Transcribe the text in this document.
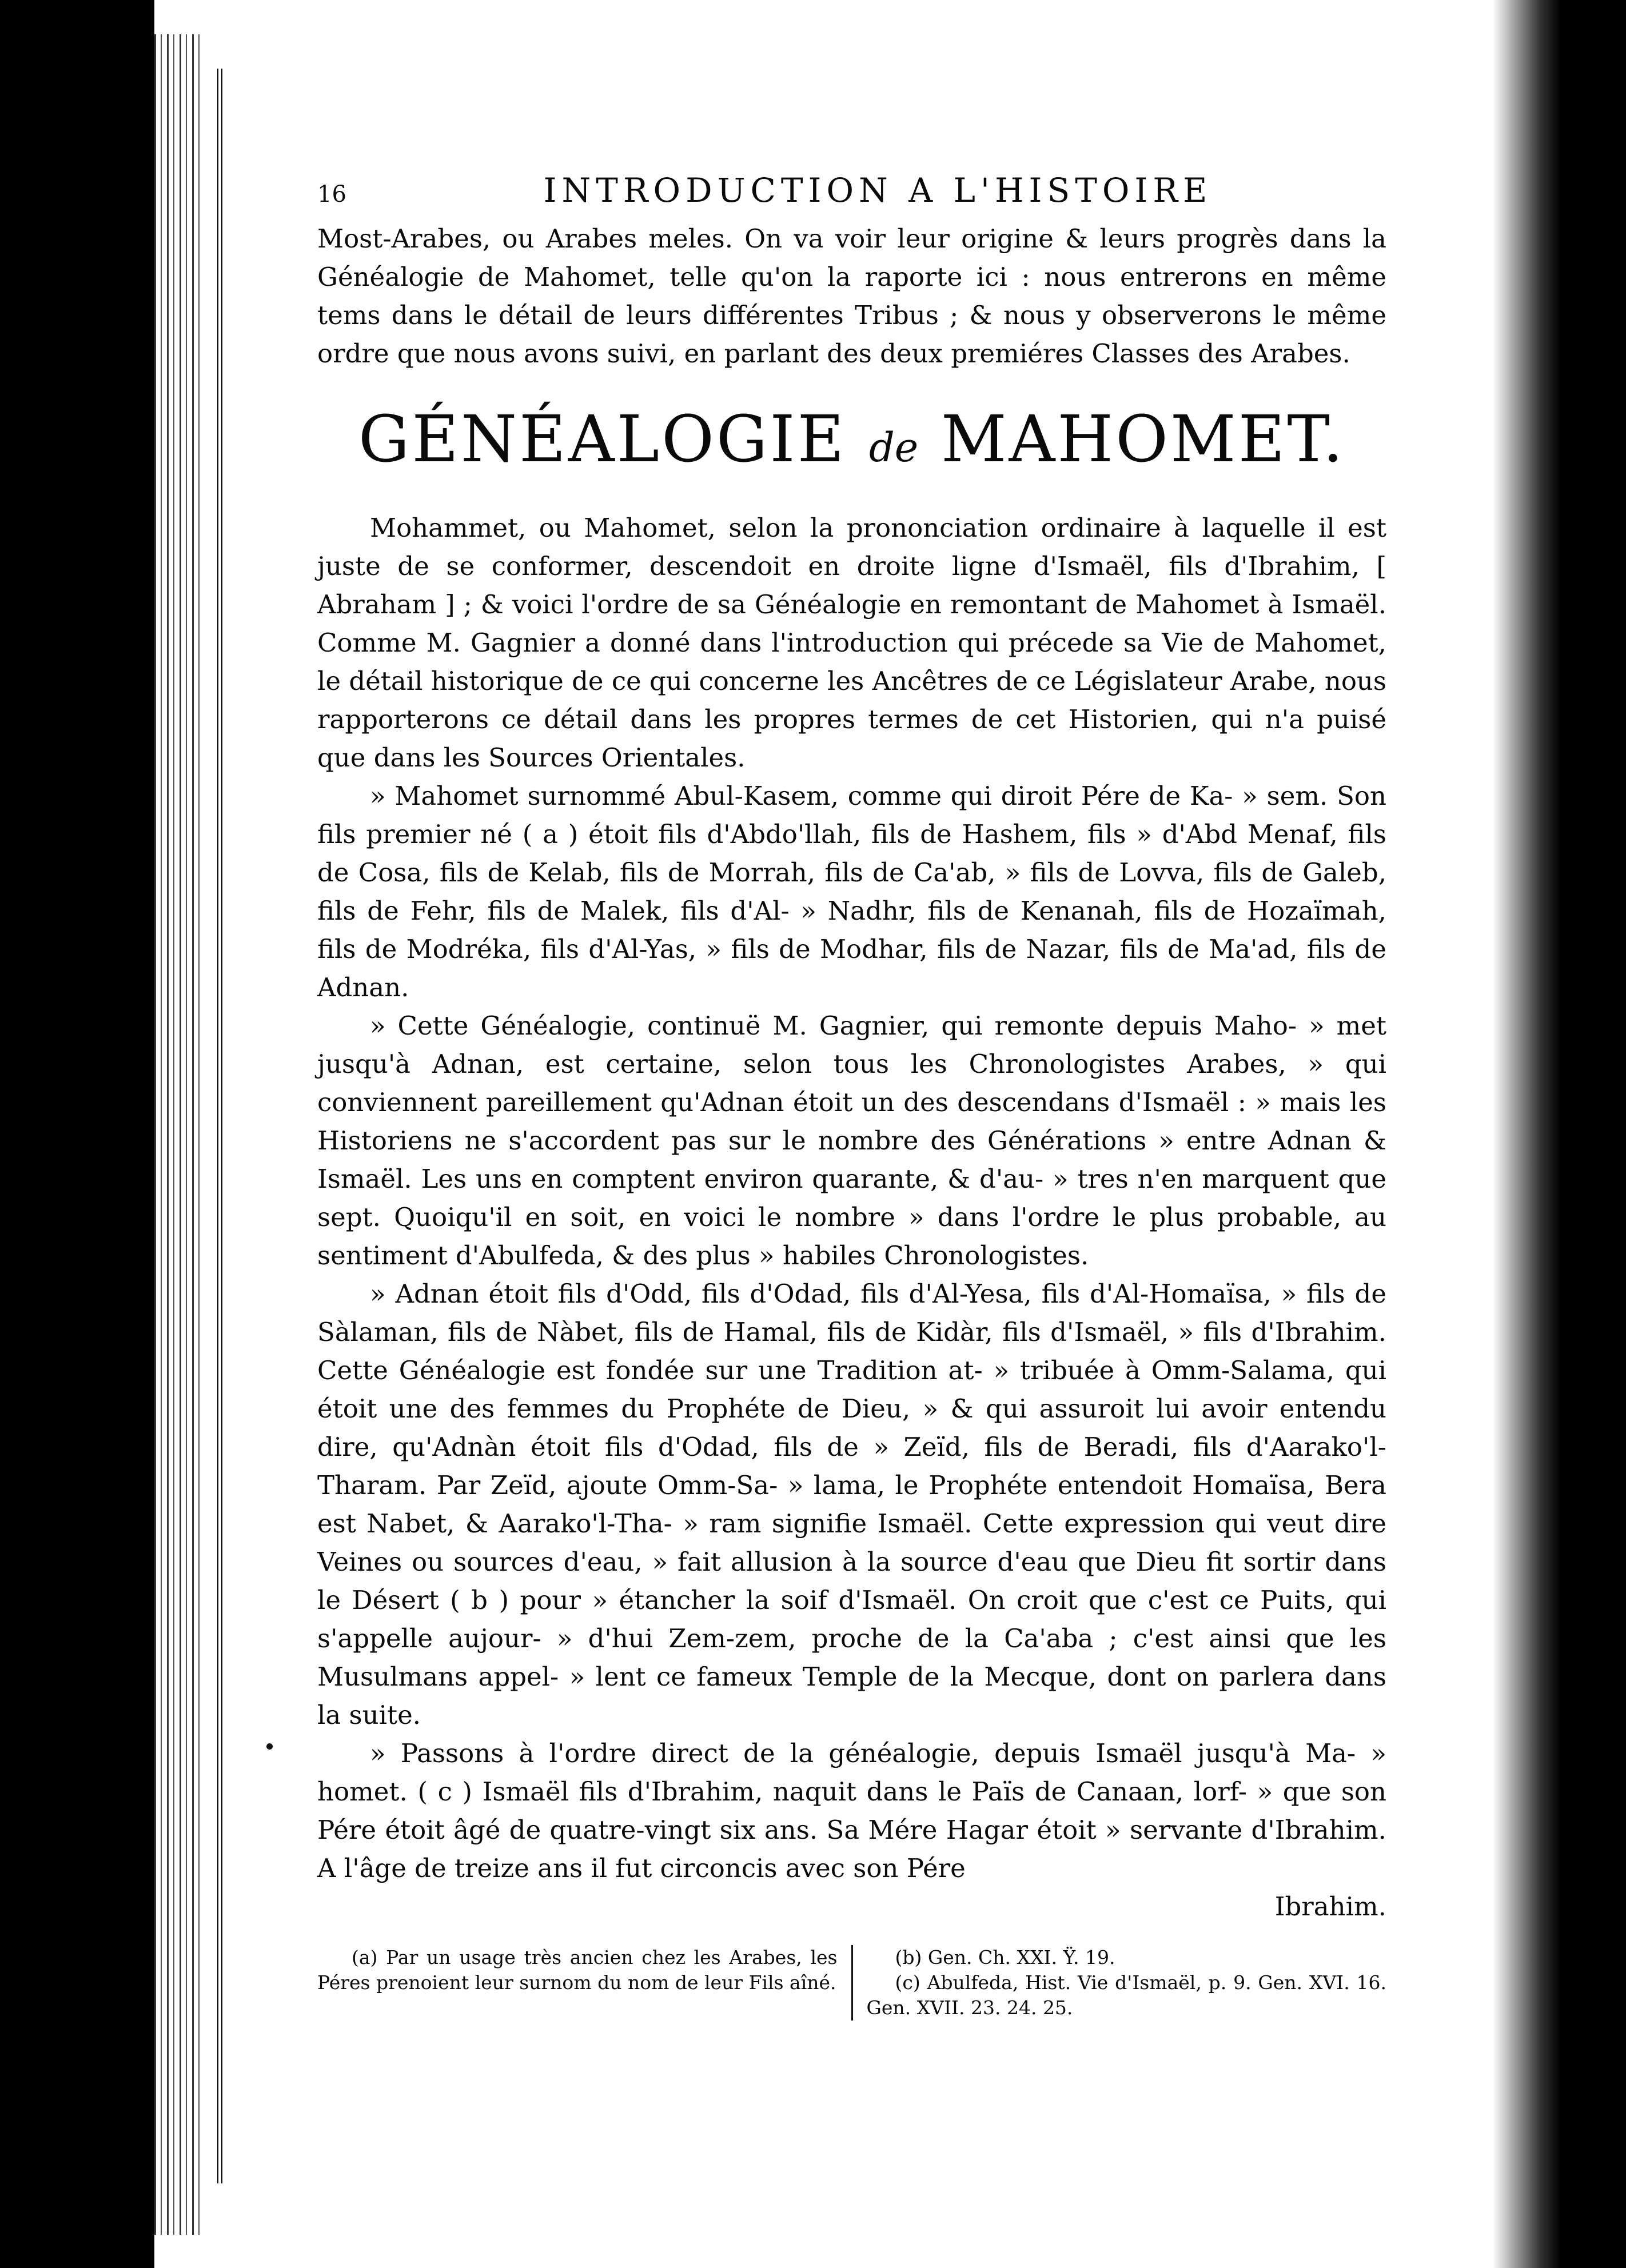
16	INTRODUCTION A L'HISTOIRE

Most-Arabes, ou Arabes meles. On va voir leur origine & leurs progrès dans la Généalogie de Mahomet, telle qu'on la raporte ici : nous entrerons en même tems dans le détail de leurs différentes Tribus ; & nous y observerons le même ordre que nous avons suivi, en parlant des deux premiéres Classes des Arabes.

GÉNÉALOGIE de MAHOMET.

Mohammet, ou Mahomet, selon la prononciation ordinaire à laquelle il est juste de se conformer, descendoit en droite ligne d'Ismaël, fils d'Ibrahim, [ Abraham ] ; & voici l'ordre de sa Généalogie en remontant de Mahomet à Ismaël. Comme M. Gagnier a donné dans l'introduction qui précede sa Vie de Mahomet, le détail historique de ce qui concerne les Ancêtres de ce Législateur Arabe, nous rapporterons ce détail dans les propres termes de cet Historien, qui n'a puisé que dans les Sources Orientales.

» Mahomet surnommé Abul-Kasem, comme qui diroit Pére de Ka- » sem. Son fils premier né ( a ) étoit fils d'Abdo'llah, fils de Hashem, fils » d'Abd Menaf, fils de Cosa, fils de Kelab, fils de Morrah, fils de Ca'ab, » fils de Lovva, fils de Galeb, fils de Fehr, fils de Malek, fils d'Al- » Nadhr, fils de Kenanah, fils de Hozaïmah, fils de Modréka, fils d'Al-Yas, » fils de Modhar, fils de Nazar, fils de Ma'ad, fils de Adnan.

» Cette Généalogie, continuë M. Gagnier, qui remonte depuis Maho- » met jusqu'à Adnan, est certaine, selon tous les Chronologistes Arabes, » qui conviennent pareillement qu'Adnan étoit un des descendans d'Ismaël : » mais les Historiens ne s'accordent pas sur le nombre des Générations » entre Adnan & Ismaël. Les uns en comptent environ quarante, & d'au- » tres n'en marquent que sept. Quoiqu'il en soit, en voici le nombre » dans l'ordre le plus probable, au sentiment d'Abulfeda, & des plus » habiles Chronologistes.

» Adnan étoit fils d'Odd, fils d'Odad, fils d'Al-Yesa, fils d'Al-Homaïsa, » fils de Sàlaman, fils de Nàbet, fils de Hamal, fils de Kidàr, fils d'Ismaël, » fils d'Ibrahim. Cette Généalogie est fondée sur une Tradition at- » tribuée à Omm-Salama, qui étoit une des femmes du Prophéte de Dieu, » & qui assuroit lui avoir entendu dire, qu'Adnàn étoit fils d'Odad, fils de » Zeïd, fils de Beradi, fils d'Aarako'l-Tharam. Par Zeïd, ajoute Omm-Sa- » lama, le Prophéte entendoit Homaïsa, Bera est Nabet, & Aarako'l-Tha- » ram signifie Ismaël. Cette expression qui veut dire Veines ou sources d'eau, » fait allusion à la source d'eau que Dieu fit sortir dans le Désert ( b ) pour » étancher la soif d'Ismaël. On croit que c'est ce Puits, qui s'appelle aujour- » d'hui Zem-zem, proche de la Ca'aba ; c'est ainsi que les Musulmans appel- » lent ce fameux Temple de la Mecque, dont on parlera dans la suite.

» Passons à l'ordre direct de la généalogie, depuis Ismaël jusqu'à Ma- » homet. ( c ) Ismaël fils d'Ibrahim, naquit dans le Païs de Canaan, lorf- » que son Pére étoit âgé de quatre-vingt six ans. Sa Mére Hagar étoit » servante d'Ibrahim. A l'âge de treize ans il fut circoncis avec son Pére

Ibrahim.

(a) Par un usage très ancien chez les Arabes, les Péres prenoient leur surnom du nom de leur Fils aîné.

(b) Gen. Ch. XXI. Ÿ. 19.

(c) Abulfeda, Hist. Vie d'Ismaël, p. 9. Gen. XVI. 16. Gen. XVII. 23. 24. 25.
